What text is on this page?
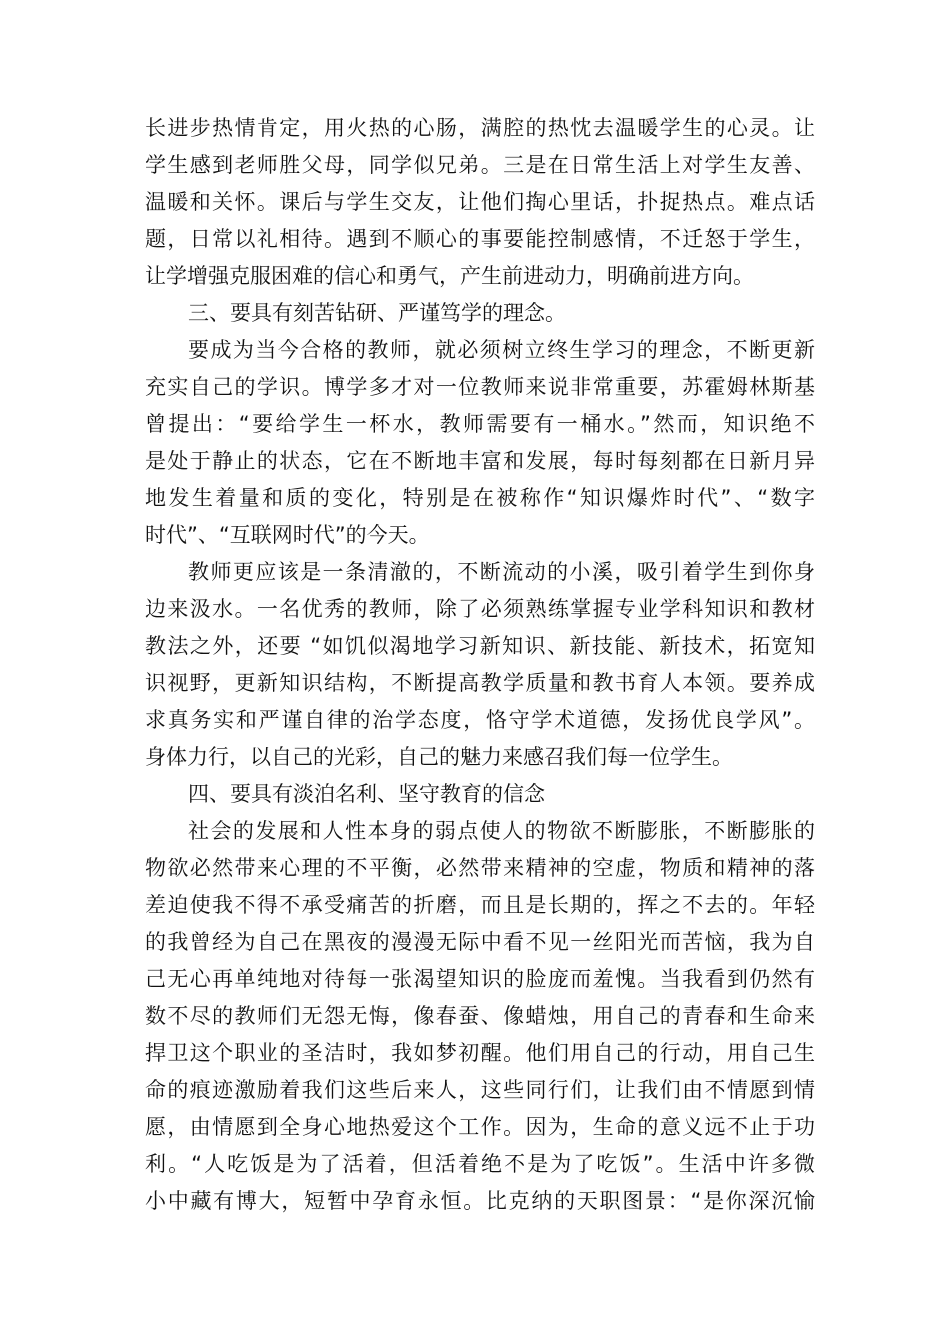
长进步热情肯定，用火热的心肠，满腔的热忱去温暖学生的心灵。让
学生感到老师胜父母，同学似兄弟。三是在日常生活上对学生友善、
温暖和关怀。课后与学生交友，让他们掏心里话，扑捉热点。难点话
题，日常以礼相待。遇到不顺心的事要能控制感情，不迁怒于学生，
让学增强克服困难的信心和勇气，产生前进动力，明确前进方向。
三、要具有刻苦钻研、严谨笃学的理念。
要成为当今合格的教师，就必须树立终生学习的理念，不断更新
充实自己的学识。博学多才对一位教师来说非常重要，苏霍姆林斯基
曾提出：“要给学生一杯水，教师需要有一桶水。”然而，知识绝不
是处于静止的状态，它在不断地丰富和发展，每时每刻都在日新月异
地发生着量和质的变化，特别是在被称作“知识爆炸时代”、“数字
时代”、“互联网时代”的今天。
教师更应该是一条清澈的，不断流动的小溪，吸引着学生到你身
边来汲水。一名优秀的教师，除了必须熟练掌握专业学科知识和教材
教法之外，还要 “如饥似渴地学习新知识、新技能、新技术，拓宽知
识视野，更新知识结构，不断提高教学质量和教书育人本领。要养成
求真务实和严谨自律的治学态度，恪守学术道德，发扬优良学风”。
身体力行，以自己的光彩，自己的魅力来感召我们每一位学生。
四、要具有淡泊名利、坚守教育的信念
社会的发展和人性本身的弱点使人的物欲不断膨胀，不断膨胀的
物欲必然带来心理的不平衡，必然带来精神的空虚，物质和精神的落
差迫使我不得不承受痛苦的折磨，而且是长期的，挥之不去的。年轻
的我曾经为自己在黑夜的漫漫无际中看不见一丝阳光而苦恼，我为自
己无心再单纯地对待每一张渴望知识的脸庞而羞愧。当我看到仍然有
数不尽的教师们无怨无悔，像春蚕、像蜡烛，用自己的青春和生命来
捍卫这个职业的圣洁时，我如梦初醒。他们用自己的行动，用自己生
命的痕迹激励着我们这些后来人，这些同行们，让我们由不情愿到情
愿，由情愿到全身心地热爱这个工作。因为，生命的意义远不止于功
利。“人吃饭是为了活着，但活着绝不是为了吃饭”。生活中许多微
小中藏有博大，短暂中孕育永恒。比克纳的天职图景：“是你深沉愉
